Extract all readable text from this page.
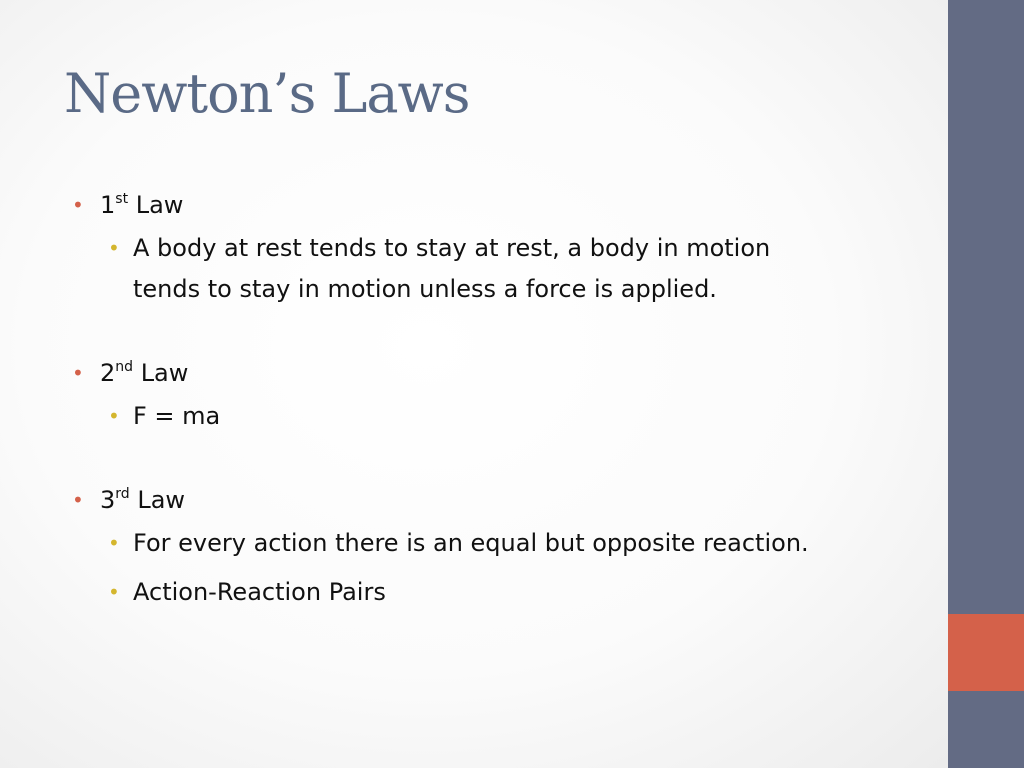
Newton’s Laws
• 1st Law
• A body at rest tends to stay at rest, a body in motion tends to stay in motion unless a force is applied.
• 2nd Law
• F = ma
• 3rd Law
• For every action there is an equal but opposite reaction.
• Action-Reaction Pairs
